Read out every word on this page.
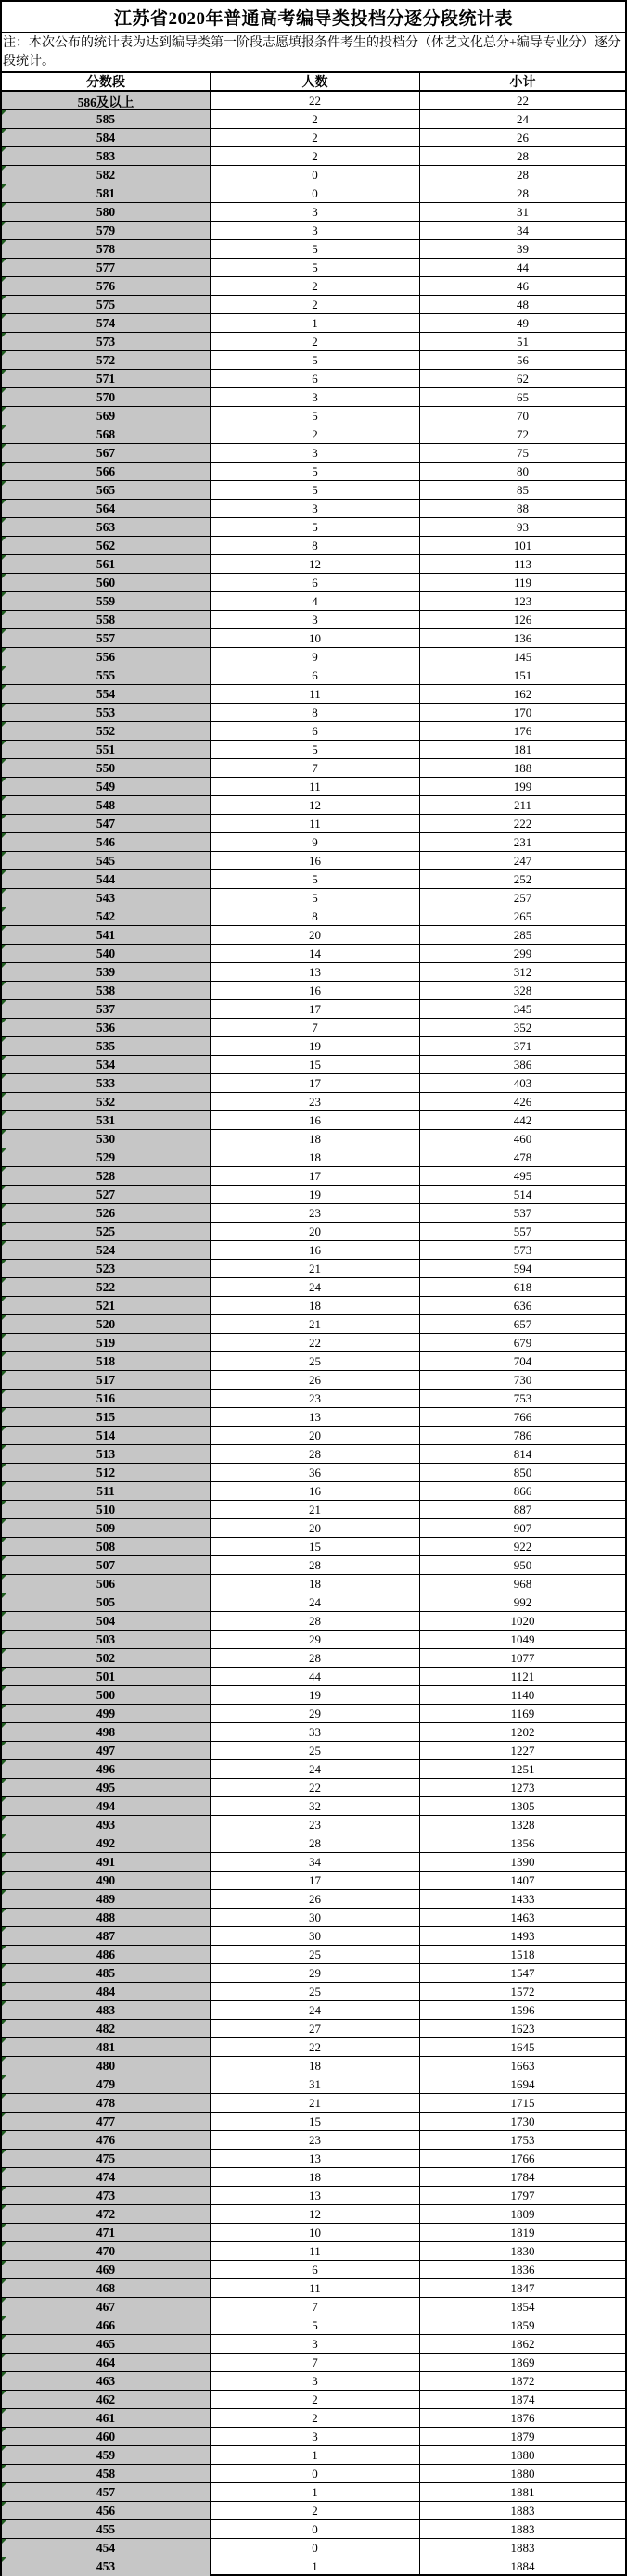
江苏省2020年普通高考编导类投档分逐分段统计表
注：本次公布的统计表为达到编导类第一阶段志愿填报条件考生的投档分（体艺文化总分+编导专业分）逐分段统计。
分数段	人数	小计
586及以上	22	22
585	2	24
584	2	26
583	2	28
582	0	28
581	0	28
580	3	31
579	3	34
578	5	39
577	5	44
576	2	46
575	2	48
574	1	49
573	2	51
572	5	56
571	6	62
570	3	65
569	5	70
568	2	72
567	3	75
566	5	80
565	5	85
564	3	88
563	5	93
562	8	101
561	12	113
560	6	119
559	4	123
558	3	126
557	10	136
556	9	145
555	6	151
554	11	162
553	8	170
552	6	176
551	5	181
550	7	188
549	11	199
548	12	211
547	11	222
546	9	231
545	16	247
544	5	252
543	5	257
542	8	265
541	20	285
540	14	299
539	13	312
538	16	328
537	17	345
536	7	352
535	19	371
534	15	386
533	17	403
532	23	426
531	16	442
530	18	460
529	18	478
528	17	495
527	19	514
526	23	537
525	20	557
524	16	573
523	21	594
522	24	618
521	18	636
520	21	657
519	22	679
518	25	704
517	26	730
516	23	753
515	13	766
514	20	786
513	28	814
512	36	850
511	16	866
510	21	887
509	20	907
508	15	922
507	28	950
506	18	968
505	24	992
504	28	1020
503	29	1049
502	28	1077
501	44	1121
500	19	1140
499	29	1169
498	33	1202
497	25	1227
496	24	1251
495	22	1273
494	32	1305
493	23	1328
492	28	1356
491	34	1390
490	17	1407
489	26	1433
488	30	1463
487	30	1493
486	25	1518
485	29	1547
484	25	1572
483	24	1596
482	27	1623
481	22	1645
480	18	1663
479	31	1694
478	21	1715
477	15	1730
476	23	1753
475	13	1766
474	18	1784
473	13	1797
472	12	1809
471	10	1819
470	11	1830
469	6	1836
468	11	1847
467	7	1854
466	5	1859
465	3	1862
464	7	1869
463	3	1872
462	2	1874
461	2	1876
460	3	1879
459	1	1880
458	0	1880
457	1	1881
456	2	1883
455	0	1883
454	0	1883
453	1	1884
